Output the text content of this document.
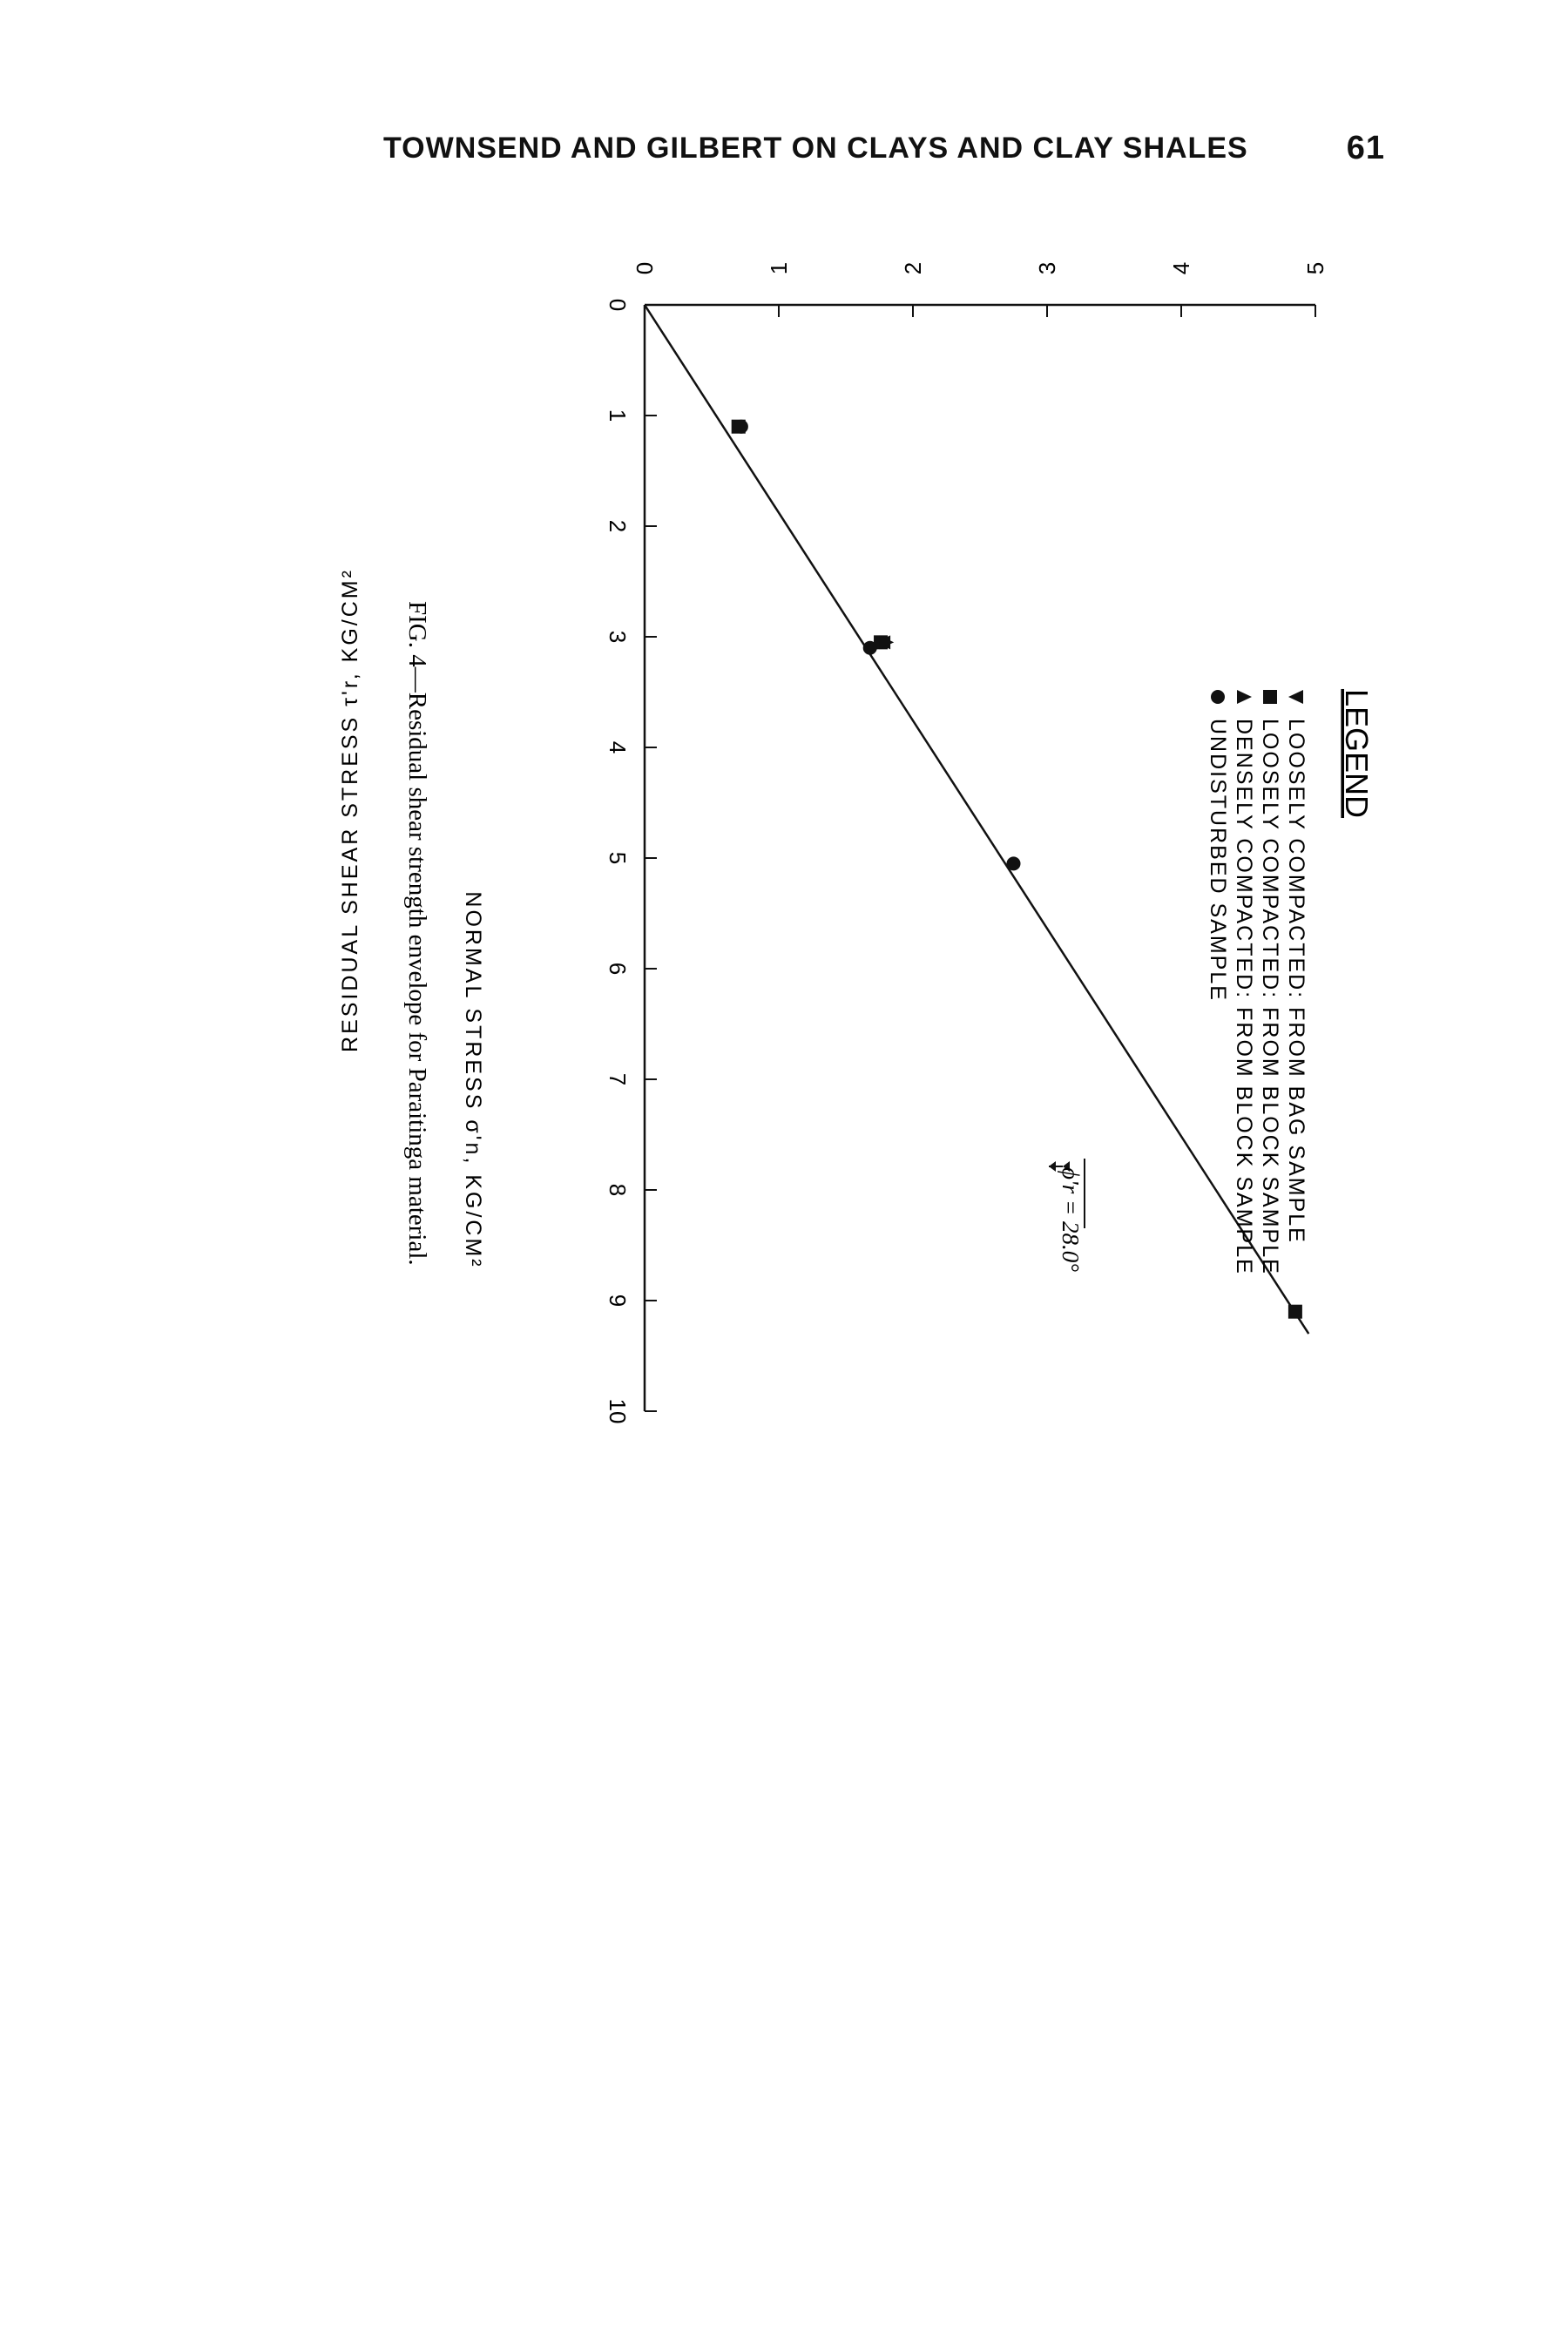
TOWNSEND AND GILBERT ON CLAYS AND CLAY SHALES	61
0
1
2
3
4
5
6
7
8
9
10
0	1	2	3	4	5
NORMAL STRESS σ'n, KG/CM²
RESIDUAL SHEAR STRESS τ'r, KG/CM²	LEGEND
LOOSELY COMPACTED: FROM BAG SAMPLE
LOOSELY COMPACTED: FROM BLOCK SAMPLE
DENSELY COMPACTED: FROM BLOCK SAMPLE
UNDISTURBED SAMPLE
ϕ'r = 28.0°
FIG. 4—Residual shear strength envelope for Paraitinga material.
